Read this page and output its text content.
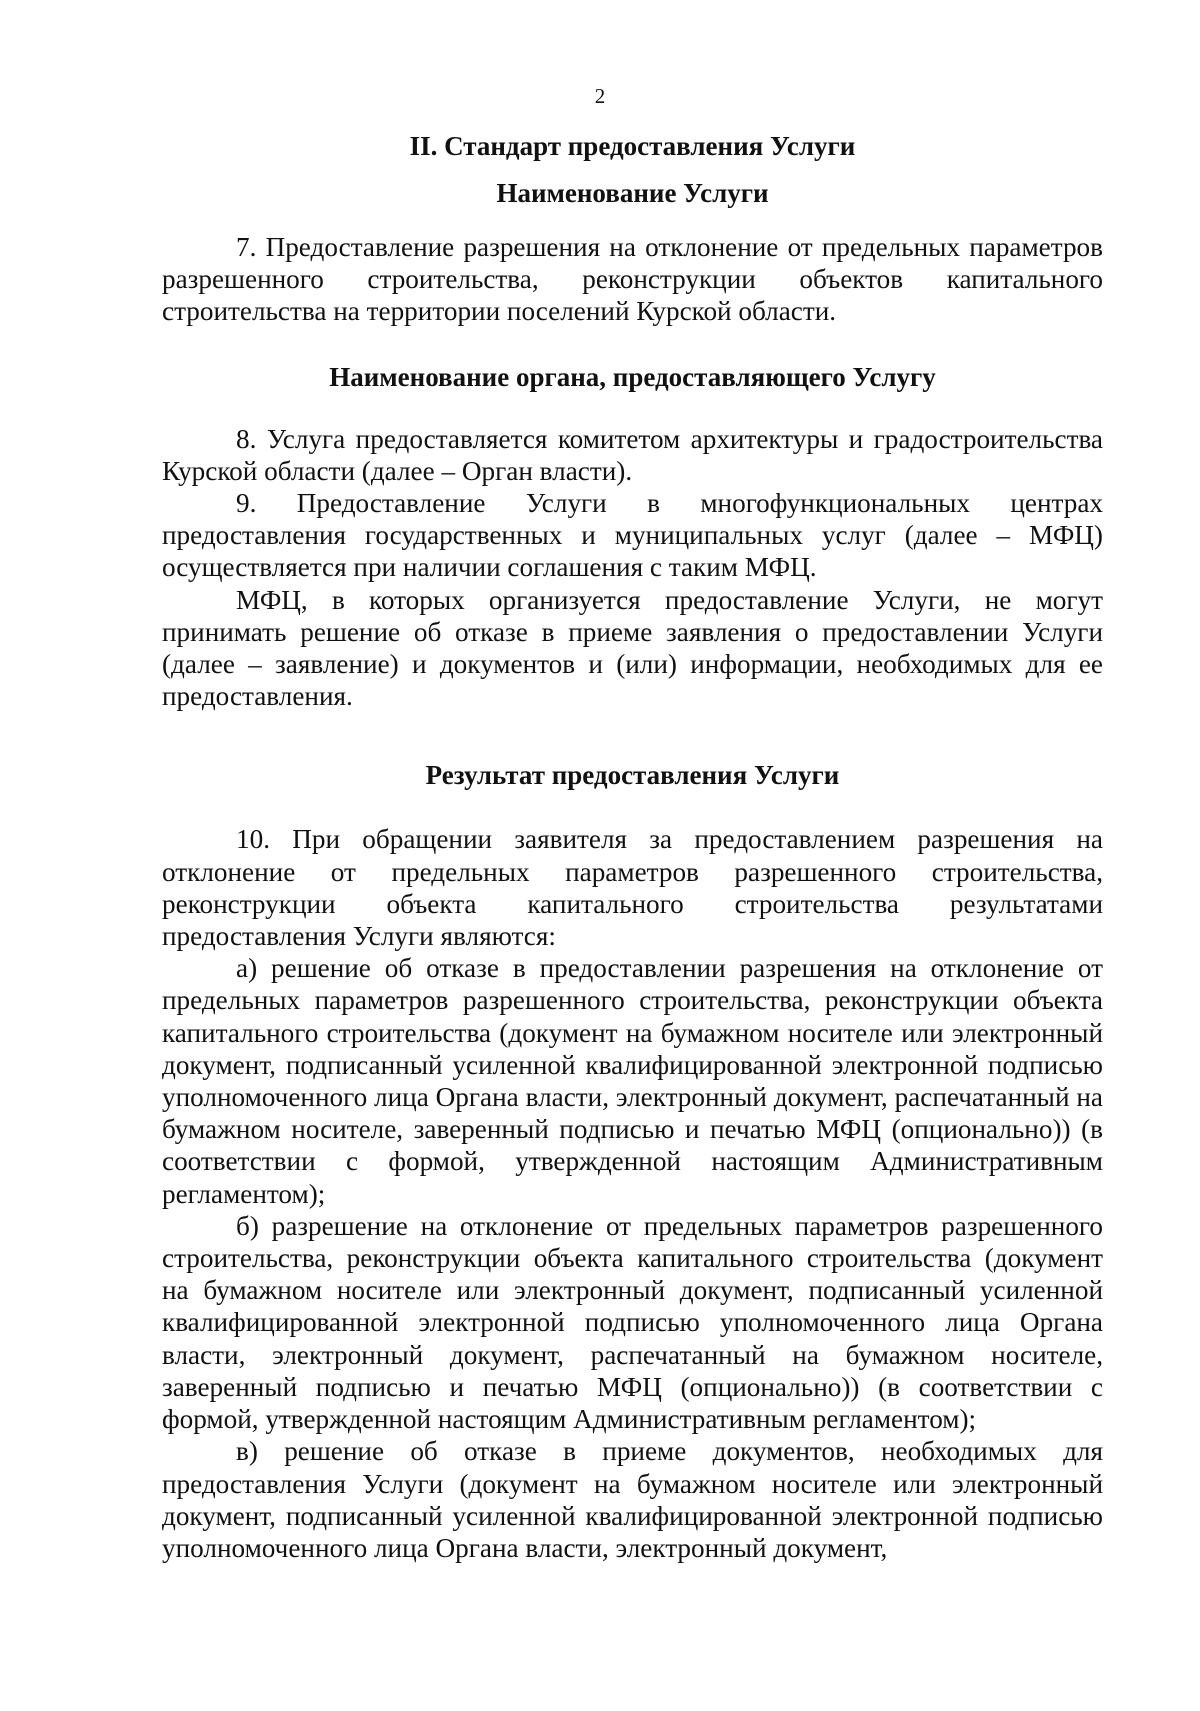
2
II. Стандарт предоставления Услуги
Наименование Услуги

7. Предоставление разрешения на отклонение от предельных параметров разрешенного строительства, реконструкции объектов капитального строительства на территории поселений Курской области.

Наименование органа, предоставляющего Услугу

8. Услуга предоставляется комитетом архитектуры и градостроительства Курской области (далее – Орган власти).

9. Предоставление Услуги в многофункциональных центрах предоставления государственных и муниципальных услуг (далее – МФЦ) осуществляется при наличии соглашения с таким МФЦ.

МФЦ, в которых организуется предоставление Услуги, не могут принимать решение об отказе в приеме заявления о предоставлении Услуги (далее – заявление) и документов и (или) информации, необходимых для ее предоставления.

Результат предоставления Услуги

10. При обращении заявителя за предоставлением разрешения на отклонение от предельных параметров разрешенного строительства, реконструкции объекта капитального строительства результатами предоставления Услуги являются:

а) решение об отказе в предоставлении разрешения на отклонение от предельных параметров разрешенного строительства, реконструкции объекта капитального строительства (документ на бумажном носителе или электронный документ, подписанный усиленной квалифицированной электронной подписью уполномоченного лица Органа власти, электронный документ, распечатанный на бумажном носителе, заверенный подписью и печатью МФЦ (опционально)) (в соответствии с формой, утвержденной настоящим Административным регламентом);

б) разрешение на отклонение от предельных параметров разрешенного строительства, реконструкции объекта капитального строительства (документ на бумажном носителе или электронный документ, подписанный усиленной квалифицированной электронной подписью уполномоченного лица Органа власти, электронный документ, распечатанный на бумажном носителе, заверенный подписью и печатью МФЦ (опционально)) (в соответствии с формой, утвержденной настоящим Административным регламентом);

в) решение об отказе в приеме документов, необходимых для предоставления Услуги (документ на бумажном носителе или электронный документ, подписанный усиленной квалифицированной электронной подписью уполномоченного лица Органа власти, электронный документ,
